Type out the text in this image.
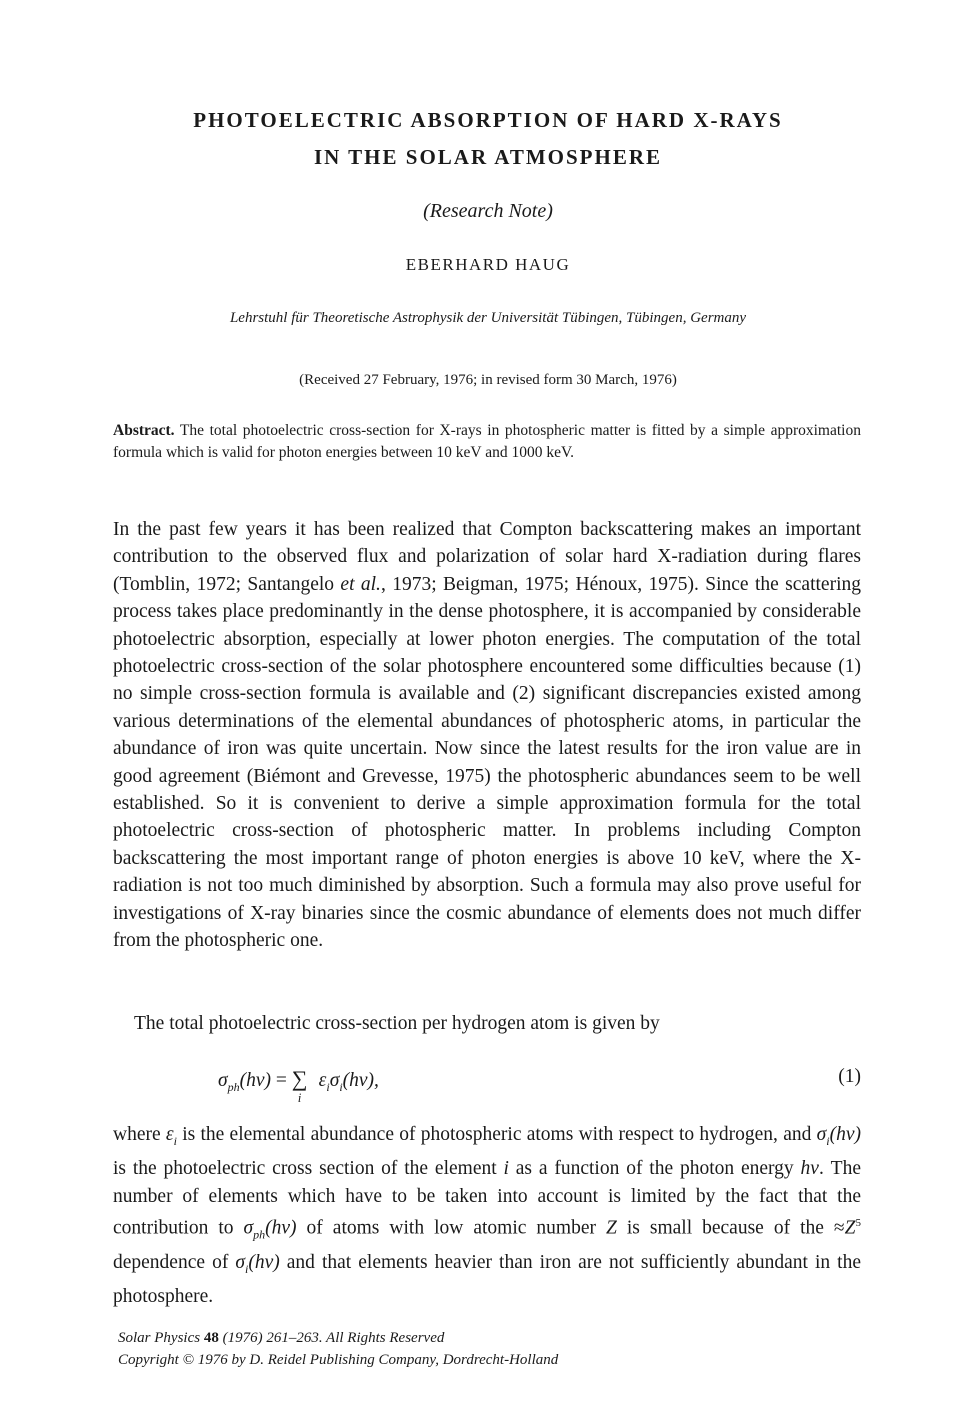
PHOTOELECTRIC ABSORPTION OF HARD X-RAYS
IN THE SOLAR ATMOSPHERE
(Research Note)
EBERHARD HAUG
Lehrstuhl für Theoretische Astrophysik der Universität Tübingen, Tübingen, Germany
(Received 27 February, 1976; in revised form 30 March, 1976)
Abstract. The total photoelectric cross-section for X-rays in photospheric matter is fitted by a simple approximation formula which is valid for photon energies between 10 keV and 1000 keV.
In the past few years it has been realized that Compton backscattering makes an important contribution to the observed flux and polarization of solar hard X-radiation during flares (Tomblin, 1972; Santangelo et al., 1973; Beigman, 1975; Hénoux, 1975). Since the scattering process takes place predominantly in the dense photosphere, it is accompanied by considerable photoelectric absorption, especially at lower photon energies. The computation of the total photoelectric cross-section of the solar photosphere encountered some difficulties because (1) no simple cross-section formula is available and (2) significant discrepancies existed among various determinations of the elemental abundances of photospheric atoms, in particular the abundance of iron was quite uncertain. Now since the latest results for the iron value are in good agreement (Biémont and Grevesse, 1975) the photospheric abundances seem to be well established. So it is convenient to derive a simple approximation formula for the total photoelectric cross-section of photospheric matter. In problems including Compton backscattering the most important range of photon energies is above 10 keV, where the X-radiation is not too much diminished by absorption. Such a formula may also prove useful for investigations of X-ray binaries since the cosmic abundance of elements does not much differ from the photospheric one.
The total photoelectric cross-section per hydrogen atom is given by
$\sigma_{ph}(h\nu)$ = ∑
i
$\varepsilon_i\sigma_i(h\nu)$,	(1)
where $\varepsilon_i$ is the elemental abundance of photospheric atoms with respect to hydrogen, and $\sigma_i(h\nu)$ is the photoelectric cross section of the element i as a function of the photon energy hν. The number of elements which have to be taken into account is limited by the fact that the contribution to $\sigma_{ph}(h\nu)$ of atoms with low atomic number Z is small because of the $\approx Z^5$ dependence of $\sigma_i(h\nu)$ and that elements heavier than iron are not sufficiently abundant in the photosphere.
Solar Physics 48 (1976) 261–263. All Rights Reserved
Copyright © 1976 by D. Reidel Publishing Company, Dordrecht-Holland
